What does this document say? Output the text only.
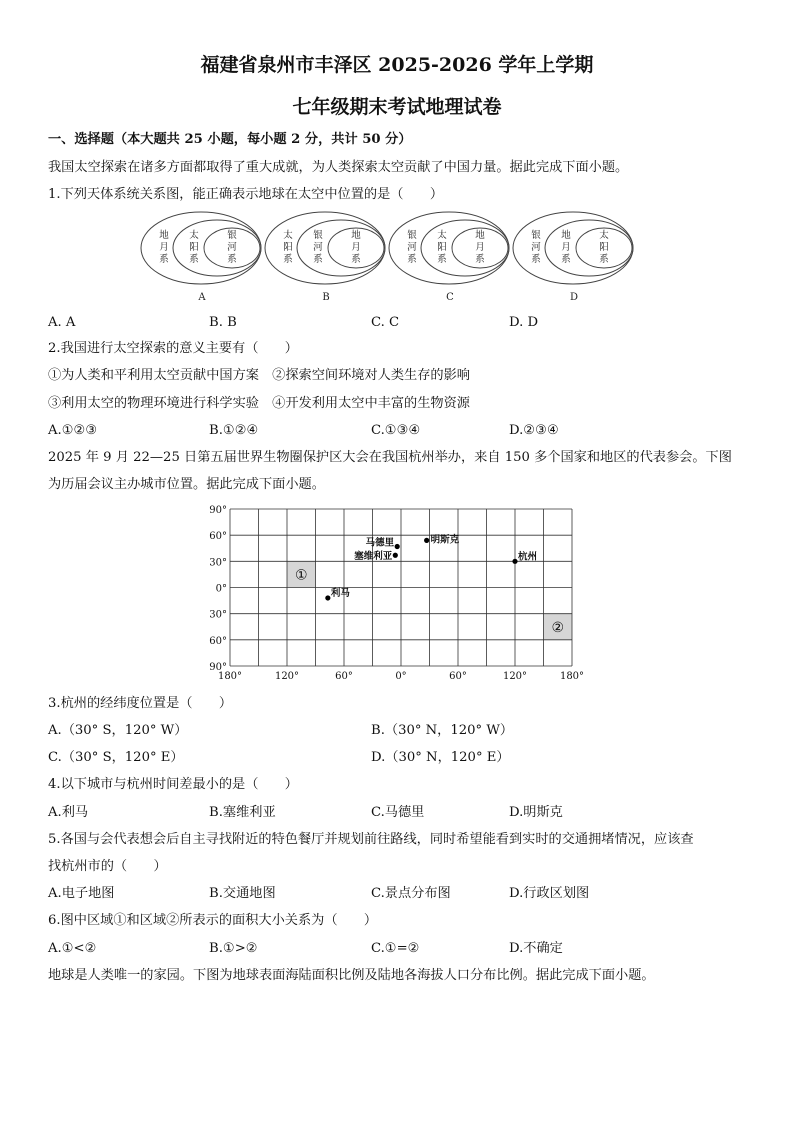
福建省泉州市丰泽区 2025-2026 学年上学期
七年级期末考试地理试卷
一、选择题（本大题共 25 小题，每小题 2 分，共计 50 分）
我国太空探索在诸多方面都取得了重大成就，为人类探索太空贡献了中国力量。据此完成下面小题。
1.下列天体系统关系图，能正确表示地球在太空中位置的是（　　）
地
月
系
太
阳
系
银
河
系
A
太
阳
系
银
河
系
地
月
系
B
银
河
系
太
阳
系
地
月
系
C
银
河
系
地
月
系
太
阳
系
D
A. A	B. B	C. C	D. D
2.我国进行太空探索的意义主要有（　　）
①为人类和平利用太空贡献中国方案　②探索空间环境对人类生存的影响
③利用太空的物理环境进行科学实验　④开发利用太空中丰富的生物资源
A.①②③	B.①②④	C.①③④	D.②③④
2025 年 9 月 22—25 日第五届世界生物圈保护区大会在我国杭州举办，来自 150 多个国家和地区的代表参会。下图
为历届会议主办城市位置。据此完成下面小题。
①
②
90°
60°
30°
0°
30°
60°
90°
180°	120°	60°	0°	60°	120°	180°
马德里
塞维利亚
明斯克
杭州
利马
3.杭州的经纬度位置是（　　）
A.（30° S，120° W）	B.（30° N，120° W）
C.（30° S，120° E）	D.（30° N，120° E）
4.以下城市与杭州时间差最小的是（　　）
A.利马	B.塞维利亚	C.马德里	D.明斯克
5.各国与会代表想会后自主寻找附近的特色餐厅并规划前往路线，同时希望能看到实时的交通拥堵情况，应该查
找杭州市的（　　）
A.电子地图	B.交通地图	C.景点分布图	D.行政区划图
6.图中区域①和区域②所表示的面积大小关系为（　　）
A.①<②	B.①>②	C.①=②	D.不确定
地球是人类唯一的家园。下图为地球表面海陆面积比例及陆地各海拔人口分布比例。据此完成下面小题。
